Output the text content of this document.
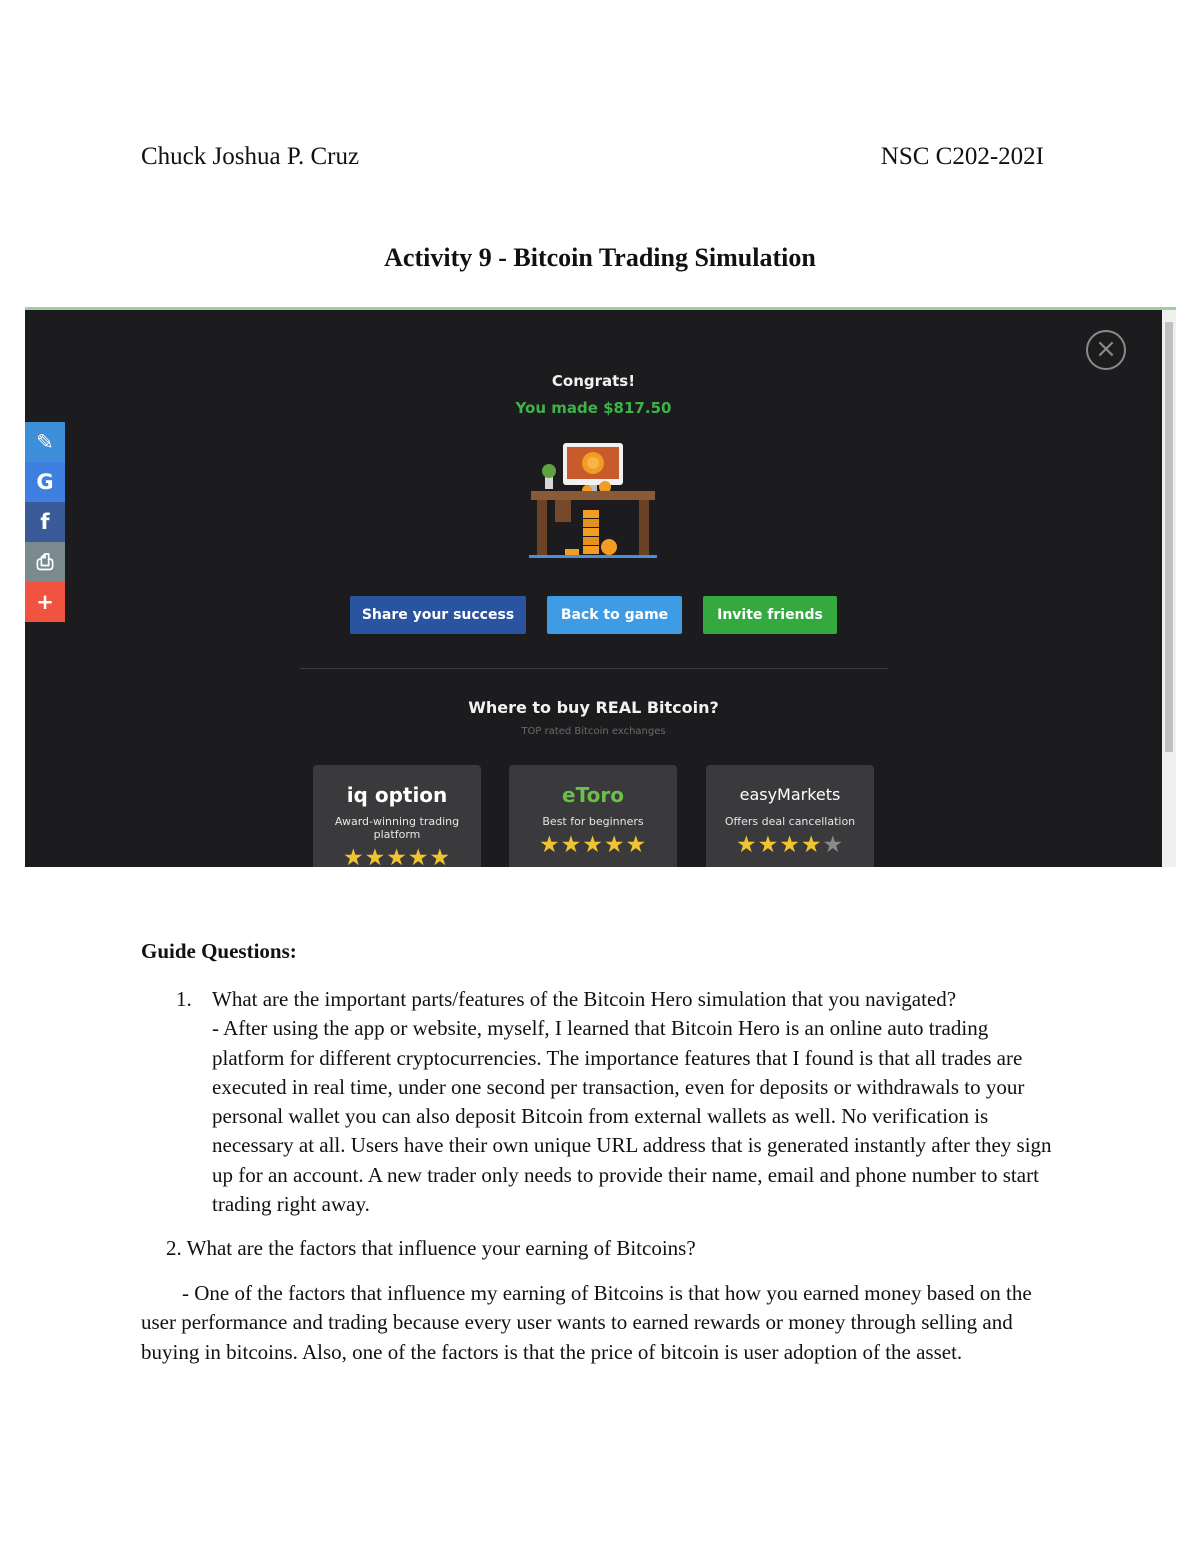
Chuck Joshua P. Cruz	NSC C202-202I
Activity 9 - Bitcoin Trading Simulation
×
✎
G
f
⎙
+
Congrats!
You made $817.50
Share your success	Back to game	Invite friends
Where to buy REAL Bitcoin?
TOP rated Bitcoin exchanges
iq option
Award-winning trading platform
★★★★★
eToro
Best for beginners
★★★★★
easyMarkets
Offers deal cancellation
★★★★★
Guide Questions:
1. What are the important parts/features of the Bitcoin Hero simulation that you navigated?
- After using the app or website, myself, I learned that Bitcoin Hero is an online auto trading platform for different cryptocurrencies. The importance features that I found is that all trades are executed in real time, under one second per transaction, even for deposits or withdrawals to your personal wallet you can also deposit Bitcoin from external wallets as well. No verification is necessary at all. Users have their own unique URL address that is generated instantly after they sign up for an account. A new trader only needs to provide their name, email and phone number to start trading right away.
2. What are the factors that influence your earning of Bitcoins?
- One of the factors that influence my earning of Bitcoins is that how you earned money based on the user performance and trading because every user wants to earned rewards or money through selling and buying in bitcoins. Also, one of the factors is that the price of bitcoin is user adoption of the asset.
